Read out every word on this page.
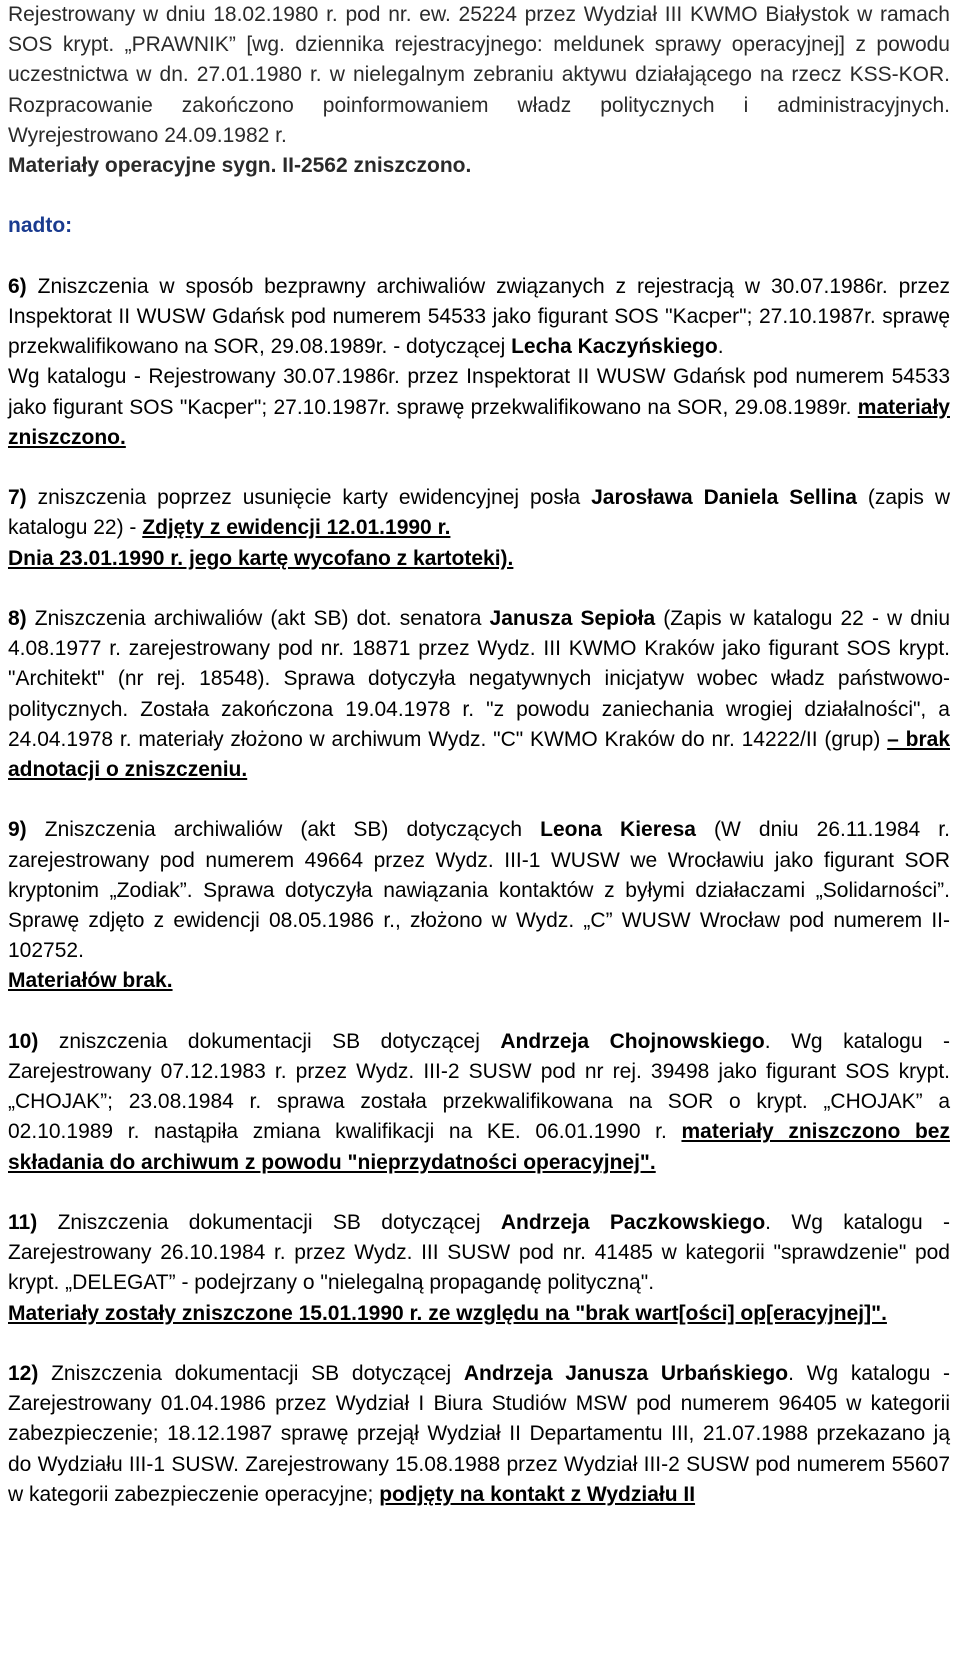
Rejestrowany w dniu 18.02.1980 r. pod nr. ew. 25224 przez Wydział III KWMO Białystok w ramach SOS krypt. „PRAWNIK” [wg. dziennika rejestracyjnego: meldunek sprawy operacyjnej] z powodu uczestnictwa w dn. 27.01.1980 r. w nielegalnym zebraniu aktywu działającego na rzecz KSS-KOR. Rozpracowanie zakończono poinformowaniem władz politycznych i administracyjnych. Wyrejestrowano 24.09.1982 r.
Materiały operacyjne sygn. II-2562 zniszczono.

nadto:

6) Zniszczenia w sposób bezprawny archiwaliów związanych z rejestracją w 30.07.1986r. przez Inspektorat II WUSW Gdańsk pod numerem 54533 jako figurant SOS "Kacper"; 27.10.1987r. sprawę przekwalifikowano na SOR, 29.08.1989r. - dotyczącej Lecha Kaczyńskiego.
Wg katalogu - Rejestrowany 30.07.1986r. przez Inspektorat II WUSW Gdańsk pod numerem 54533 jako figurant SOS "Kacper"; 27.10.1987r. sprawę przekwalifikowano na SOR, 29.08.1989r. materiały zniszczono.

7) zniszczenia poprzez usunięcie karty ewidencyjnej posła Jarosława Daniela Sellina (zapis w katalogu 22) - Zdjęty z ewidencji 12.01.1990 r.
Dnia 23.01.1990 r. jego kartę wycofano z kartoteki).

8) Zniszczenia archiwaliów (akt SB) dot. senatora Janusza Sepioła (Zapis w katalogu 22 - w dniu 4.08.1977 r. zarejestrowany pod nr. 18871 przez Wydz. III KWMO Kraków jako figurant SOS krypt. "Architekt" (nr rej. 18548). Sprawa dotyczyła negatywnych inicjatyw wobec władz państwowo- politycznych. Została zakończona 19.04.1978 r. "z powodu zaniechania wrogiej działalności", a 24.04.1978 r. materiały złożono w archiwum Wydz. "C" KWMO Kraków do nr. 14222/II (grup) – brak adnotacji o zniszczeniu.

9) Zniszczenia archiwaliów (akt SB) dotyczących Leona Kieresa (W dniu 26.11.1984 r. zarejestrowany pod numerem 49664 przez Wydz. III-1 WUSW we Wrocławiu jako figurant SOR kryptonim „Zodiak”. Sprawa dotyczyła nawiązania kontaktów z byłymi działaczami „Solidarności”. Sprawę zdjęto z ewidencji 08.05.1986 r., złożono w Wydz. „C” WUSW Wrocław pod numerem II-102752.
Materiałów brak.

10) zniszczenia dokumentacji SB dotyczącej Andrzeja Chojnowskiego. Wg katalogu - Zarejestrowany 07.12.1983 r. przez Wydz. III-2 SUSW pod nr rej. 39498 jako figurant SOS krypt. „CHOJAK”; 23.08.1984 r. sprawa została przekwalifikowana na SOR o krypt. „CHOJAK” a 02.10.1989 r. nastąpiła zmiana kwalifikacji na KE. 06.01.1990 r. materiały zniszczono bez składania do archiwum z powodu "nieprzydatności operacyjnej".

11) Zniszczenia dokumentacji SB dotyczącej Andrzeja Paczkowskiego. Wg katalogu - Zarejestrowany 26.10.1984 r. przez Wydz. III SUSW pod nr. 41485 w kategorii "sprawdzenie" pod krypt. „DELEGAT” - podejrzany o "nielegalną propagandę polityczną".
Materiały zostały zniszczone 15.01.1990 r. ze względu na "brak wart[ości] op[eracyjnej]".

12) Zniszczenia dokumentacji SB dotyczącej Andrzeja Janusza Urbańskiego. Wg katalogu - Zarejestrowany 01.04.1986 przez Wydział I Biura Studiów MSW pod numerem 96405 w kategorii zabezpieczenie; 18.12.1987 sprawę przejął Wydział II Departamentu III, 21.07.1988 przekazano ją do Wydziału III-1 SUSW. Zarejestrowany 15.08.1988 przez Wydział III-2 SUSW pod numerem 55607 w kategorii zabezpieczenie operacyjne; podjęty na kontakt z Wydziału II
